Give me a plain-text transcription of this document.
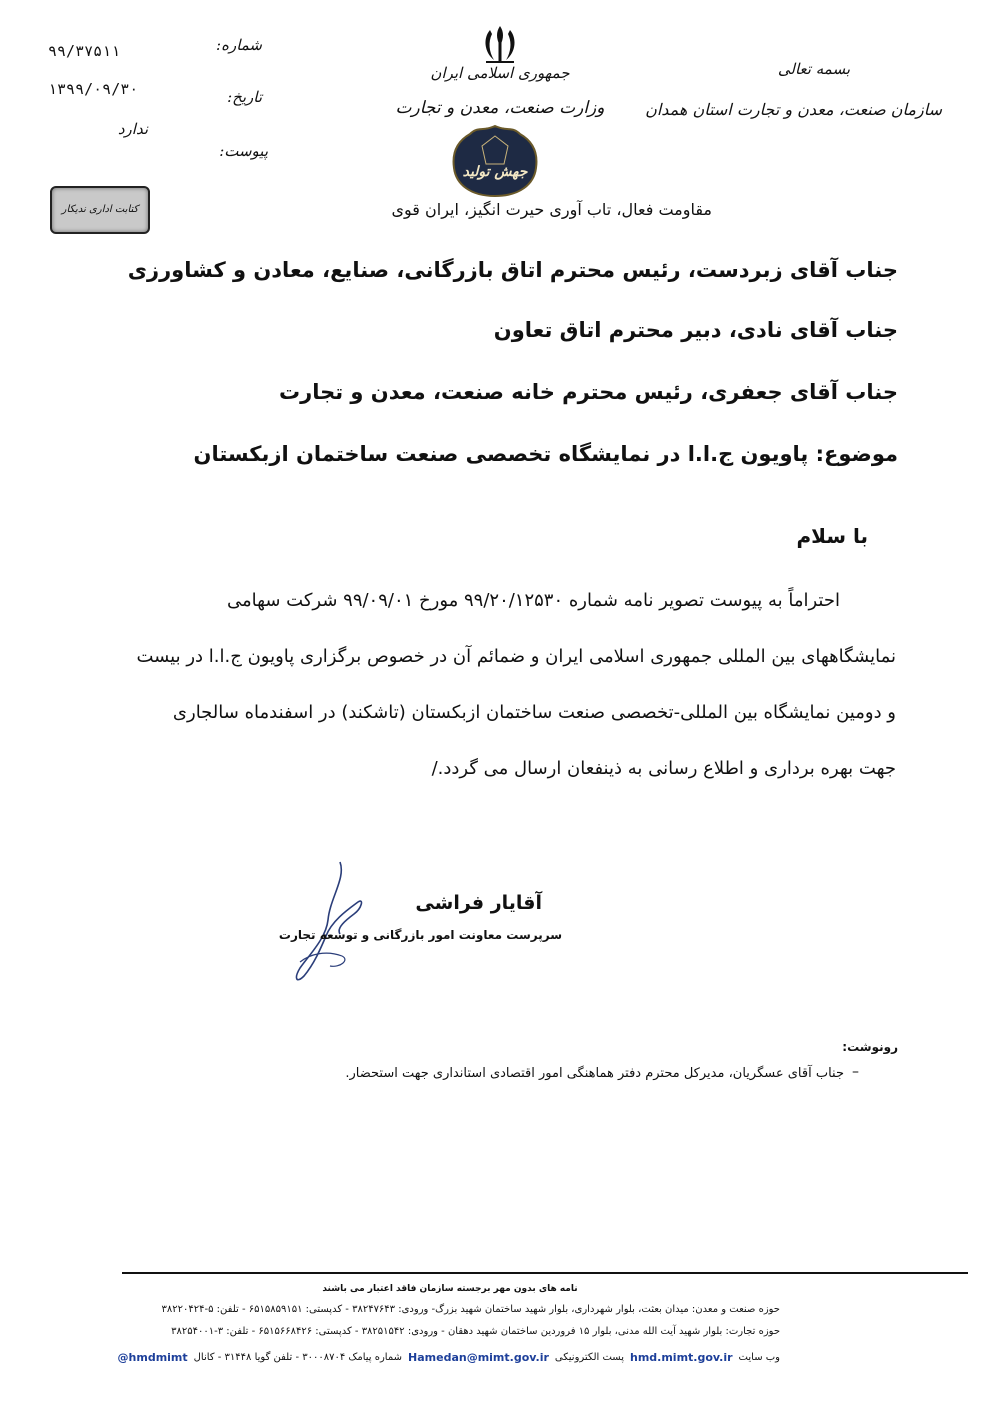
۹۹/۳۷۵۱۱	شماره:
۱۳۹۹/۰۹/۳۰	تاریخ:
ندارد
پیوست:
کتابت اداری ندیکار
جمهوری اسلامی ایران
وزارت صنعت، معدن و تجارت
جهش تولید
بسمه تعالی
سازمان صنعت، معدن و تجارت استان همدان
مقاومت فعال، تاب آوری حیرت انگیز، ایران قوی
جناب آقای زبردست، رئیس محترم اتاق بازرگانی، صنایع، معادن و کشاورزی
جناب آقای نادی، دبیر محترم اتاق تعاون
جناب آقای جعفری، رئیس محترم خانه صنعت، معدن و تجارت
موضوع: پاویون ج.ا.ا در نمایشگاه تخصصی صنعت ساختمان ازبکستان
با سلام
احتراماً به پیوست تصویر نامه شماره ۹۹/۲۰/۱۲۵۳۰ مورخ ۹۹/۰۹/۰۱ شرکت سهامی
نمایشگاههای بین المللی جمهوری اسلامی ایران و ضمائم آن در خصوص برگزاری پاویون ج.ا.ا در بیست
و دومین نمایشگاه بین المللی-تخصصی صنعت ساختمان ازبکستان (تاشکند) در اسفندماه سالجاری
جهت بهره برداری و اطلاع رسانی به ذینفعان ارسال می گردد./
آقایار فراشی
سرپرست معاونت امور بازرگانی و توسعه تجارت
رونوشت:
–
جناب آقای عسگریان، مدیرکل محترم دفتر هماهنگی امور اقتصادی استانداری جهت استحضار.
نامه های بدون مهر برجسته سازمان فاقد اعتبار می باشند
حوزه صنعت و معدن: میدان بعثت، بلوار شهرداری، بلوار شهید ساختمان شهید بزرگ- ورودی: ۳۸۲۴۷۶۴۳ - کدپستی: ۶۵۱۵۸۵۹۱۵۱ - تلفن: ۵-۳۸۲۲۰۴۲۴
حوزه تجارت: بلوار شهید آیت الله مدنی، بلوار ۱۵ فروردین ساختمان شهید دهقان - ورودی: ۳۸۲۵۱۵۴۲ - کدپستی: ۶۵۱۵۶۶۸۴۲۶ - تلفن: ۳-۳۸۲۵۴۰۰۱
وب سایت
hmd.mimt.gov.ir
پست الکترونیکی
Hamedan@mimt.gov.ir
شماره پیامک ۳۰۰۰۸۷۰۴ - تلفن گویا ۳۱۴۴۸ - کانال
@hmdmimt
